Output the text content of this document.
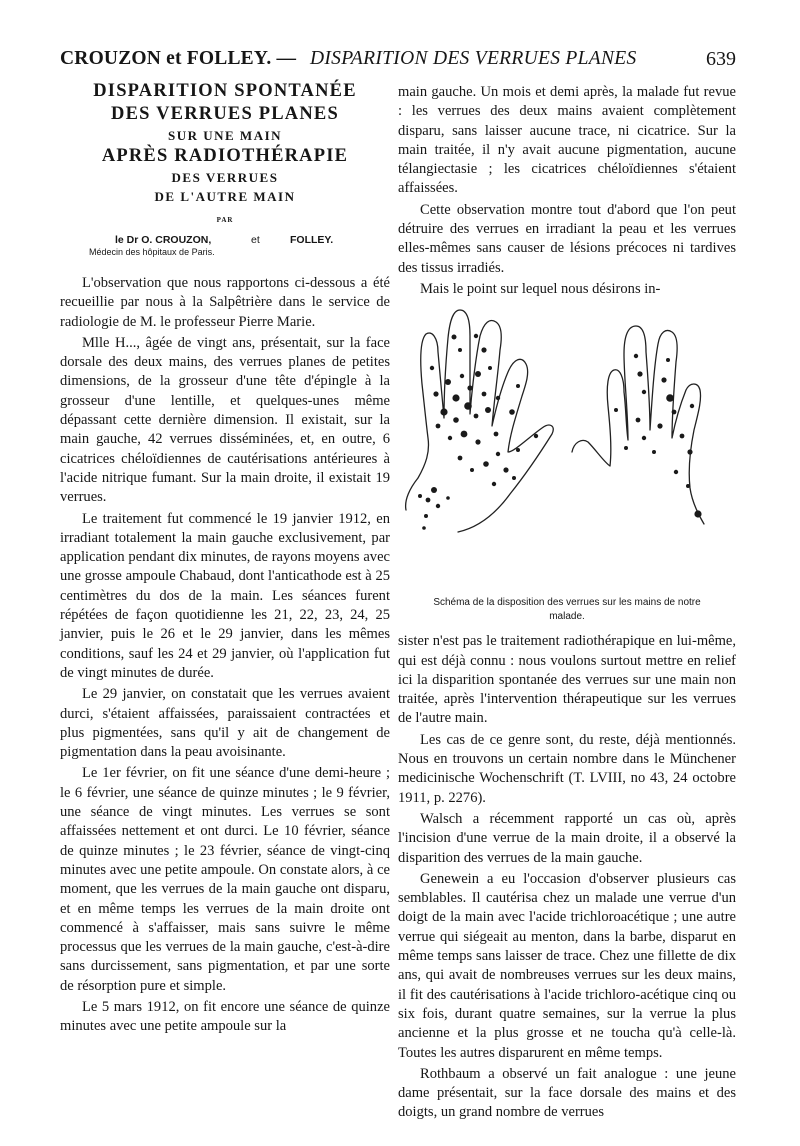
CROUZON et FOLLEY. — DISPARITION DES VERRUES PLANES	639
DISPARITION SPONTANÉE
DES VERRUES PLANES
SUR UNE MAIN
APRÈS RADIOTHÉRAPIE
DES VERRUES
DE L'AUTRE MAIN
PAR
le Dr O. CROUZON,	et	FOLLEY.
Médecin des hôpitaux de Paris.

L'observation que nous rapportons ci-dessous a été recueillie par nous à la Salpêtrière dans le service de radiologie de M. le professeur Pierre Marie.

Mlle H..., âgée de vingt ans, présentait, sur la face dorsale des deux mains, des verrues planes de petites dimensions, de la grosseur d'une tête d'épingle à la grosseur d'une lentille, et quelques-unes même dépassant cette dernière dimension. Il existait, sur la main gauche, 42 verrues disséminées, et, en outre, 6 cicatrices chéloïdiennes de cautérisations antérieures à l'acide nitrique fumant. Sur la main droite, il existait 19 verrues.

Le traitement fut commencé le 19 janvier 1912, en irradiant totalement la main gauche exclusivement, par application pendant dix minutes, de rayons moyens avec une grosse ampoule Chabaud, dont l'anticathode est à 25 centimètres du dos de la main. Les séances furent répétées de façon quotidienne les 21, 22, 23, 24, 25 janvier, puis le 26 et le 29 janvier, dans les mêmes conditions, sauf les 24 et 29 janvier, où l'application fut de vingt minutes de durée.

Le 29 janvier, on constatait que les verrues avaient durci, s'étaient affaissées, paraissaient contractées et plus pigmentées, sans qu'il y ait de changement de pigmentation dans la peau avoisinante.

Le 1er février, on fit une séance d'une demi-heure ; le 6 février, une séance de quinze minutes ; le 9 février, une séance de vingt minutes. Les verrues se sont affaissées nettement et ont durci. Le 10 février, séance de quinze minutes ; le 23 février, séance de vingt-cinq minutes avec une petite ampoule. On constate alors, à ce moment, que les verrues de la main gauche ont disparu, et en même temps les verrues de la main droite ont commencé à s'affaisser, mais sans suivre le même processus que les verrues de la main gauche, c'est-à-dire sans durcissement, sans pigmentation, et par une sorte de résorption pure et simple.

Le 5 mars 1912, on fit encore une séance de quinze minutes avec une petite ampoule sur la

main gauche. Un mois et demi après, la malade fut revue : les verrues des deux mains avaient complètement disparu, sans laisser aucune trace, ni cicatrice. Sur la main traitée, il n'y avait aucune pigmentation, aucune télangiectasie ; les cicatrices chéloïdiennes s'étaient affaissées.

Cette observation montre tout d'abord que l'on peut détruire des verrues en irradiant la peau et les verrues elles-mêmes sans causer de lésions précoces ni tardives des tissus irradiés.

Mais le point sur lequel nous désirons in-

Schéma de la disposition des verrues sur les mains de notre malade.

sister n'est pas le traitement radiothérapique en lui-même, qui est déjà connu : nous voulons surtout mettre en relief ici la disparition spontanée des verrues sur une main non traitée, après l'intervention thérapeutique sur les verrues de l'autre main.

Les cas de ce genre sont, du reste, déjà mentionnés. Nous en trouvons un certain nombre dans le Münchener medicinische Wochenschrift (T. LVIII, no 43, 24 octobre 1911, p. 2276).

Walsch a récemment rapporté un cas où, après l'incision d'une verrue de la main droite, il a observé la disparition des verrues de la main gauche.

Genewein a eu l'occasion d'observer plusieurs cas semblables. Il cautérisa chez un malade une verrue d'un doigt de la main avec l'acide trichloroacétique ; une autre verrue qui siégeait au menton, dans la barbe, disparut en même temps sans laisser de trace. Chez une fillette de dix ans, qui avait de nombreuses verrues sur les deux mains, il fit des cautérisations à l'acide trichloro-acétique cinq ou six fois, durant quatre semaines, sur la verrue la plus ancienne et la plus grosse et ne toucha qu'à celle-là. Toutes les autres disparurent en même temps.

Rothbaum a observé un fait analogue : une jeune dame présentait, sur la face dorsale des mains et des doigts, un grand nombre de verrues
